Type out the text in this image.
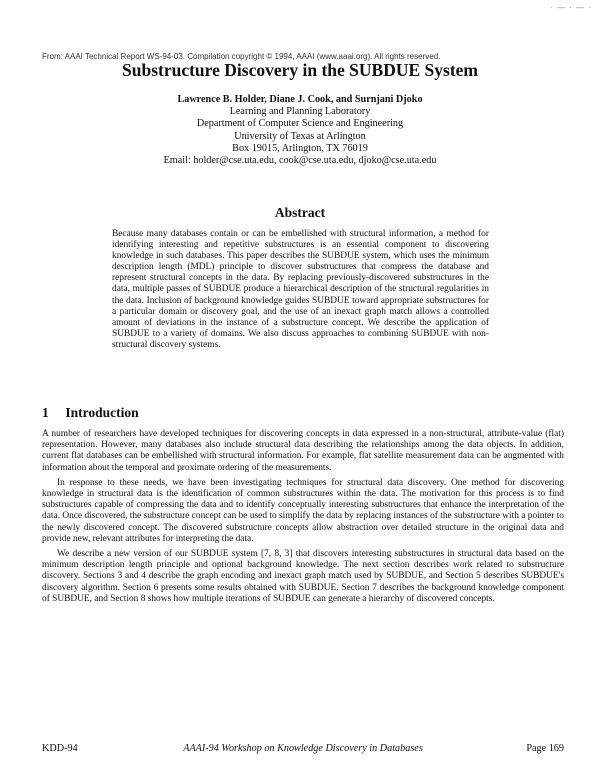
· — · — ·
From: AAAI Technical Report WS-94-03. Compilation copyright © 1994, AAAI (www.aaai.org). All rights reserved.
Substructure Discovery in the SUBDUE System
Lawrence B. Holder, Diane J. Cook, and Surnjani Djoko
Learning and Planning Laboratory
Department of Computer Science and Engineering
University of Texas at Arlington
Box 19015, Arlington, TX 76019
Email: holder@cse.uta.edu, cook@cse.uta.edu, djoko@cse.uta.edu
Abstract
Because many databases contain or can be embellished with structural information, a method for identifying interesting and repetitive substructures is an essential component to discovering knowledge in such databases. This paper describes the SUBDUE system, which uses the minimum description length (MDL) principle to discover substructures that compress the database and represent structural concepts in the data. By replacing previously-discovered substructures in the data, multiple passes of SUBDUE produce a hierarchical description of the structural regularities in the data. Inclusion of background knowledge guides SUBDUE toward appropriate substructures for a particular domain or discovery goal, and the use of an inexact graph match allows a controlled amount of deviations in the instance of a substructure concept. We describe the application of SUBDUE to a variety of domains. We also discuss approaches to combining SUBDUE with non-structural discovery systems.
1 Introduction

A number of researchers have developed techniques for discovering concepts in data expressed in a non-structural, attribute-value (flat) representation. However, many databases also include structural data describing the relationships among the data objects. In addition, current flat databases can be embellished with structural information. For example, flat satellite measurement data can be augmented with information about the temporal and proximate ordering of the measurements.

In response to these needs, we have been investigating techniques for structural data discovery. One method for discovering knowledge in structural data is the identification of common substructures within the data. The motivation for this process is to find substructures capable of compressing the data and to identify conceptually interesting substructures that enhance the interpretation of the data. Once discovered, the substructure concept can be used to simplify the data by replacing instances of the substructure with a pointer to the newly discovered concept. The discovered substructure concepts allow abstraction over detailed structure in the original data and provide new, relevant attributes for interpreting the data.

We describe a new version of our SUBDUE system [7, 8, 3] that discovers interesting substructures in structural data based on the minimum description length principle and optional background knowledge. The next section describes work related to substructure discovery. Sections 3 and 4 describe the graph encoding and inexact graph match used by SUBDUE, and Section 5 describes SUBDUE's discovery algorithm. Section 6 presents some results obtained with SUBDUE. Section 7 describes the background knowledge component of SUBDUE, and Section 8 shows how multiple iterations of SUBDUE can generate a hierarchy of discovered concepts.

KDD-94	AAAI-94 Workshop on Knowledge Discovery in Databases	Page 169
